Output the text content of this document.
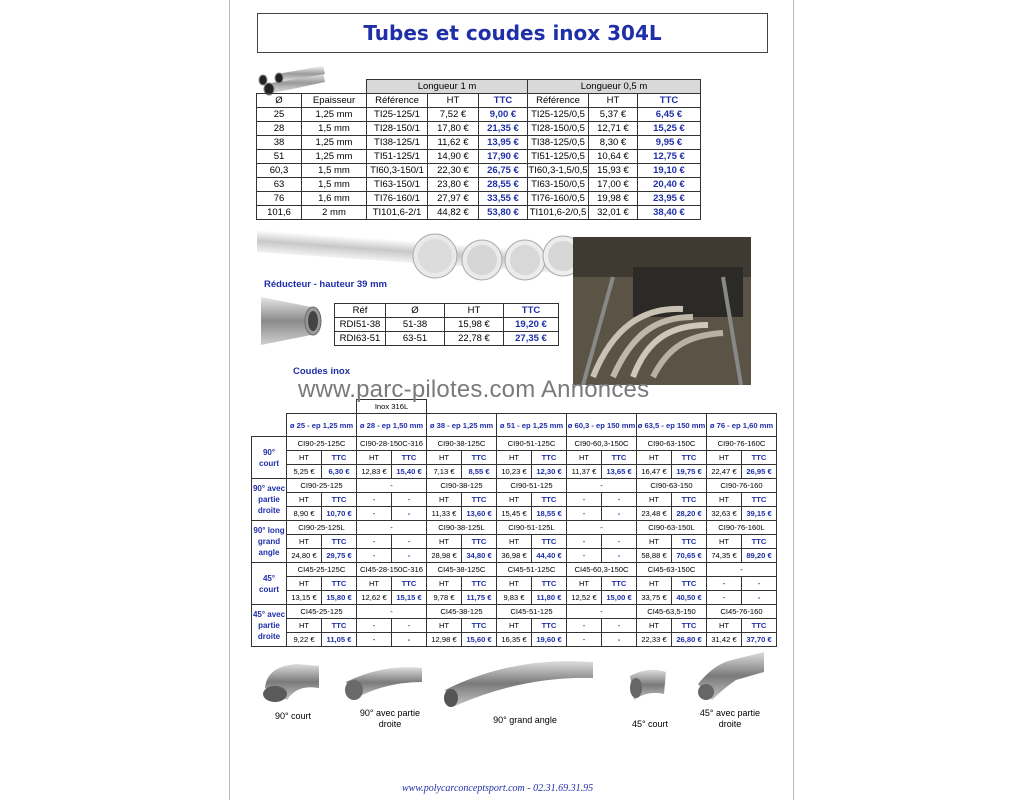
Tubes et coudes inox 304L
		Longueur 1 m			Longueur 0,5 m		
Ø	Epaisseur	Référence	HT	TTC	Référence	HT	TTC
25	1,25 mm	TI25-125/1	7,52 €	9,00 €	TI25-125/0,5	5,37 €	6,45 €
28	1,5 mm	TI28-150/1	17,80 €	21,35 €	TI28-150/0,5	12,71 €	15,25 €
38	1,25 mm	TI38-125/1	11,62 €	13,95 €	TI38-125/0,5	8,30 €	9,95 €
51	1,25 mm	TI51-125/1	14,90 €	17,90 €	TI51-125/0,5	10,64 €	12,75 €
60,3	1,5 mm	TI60,3-150/1	22,30 €	26,75 €	TI60,3-1,5/0,5	15,93 €	19,10 €
63	1,5 mm	TI63-150/1	23,80 €	28,55 €	TI63-150/0,5	17,00 €	20,40 €
76	1,6 mm	TI76-160/1	27,97 €	33,55 €	TI76-160/0,5	19,98 €	23,95 €
101,6	2 mm	TI101,6-2/1	44,82 €	53,80 €	TI101,6-2/0,5	32,01 €	38,40 €
Réducteur - hauteur 39 mm
Réf	Ø	HT	TTC
RDI51-38	51-38	15,98 €	19,20 €
RDI63-51	63-51	22,78 €	27,35 €
Coudes inox
			Inox 316L											
	ø 25 - ep 1,25 mm		ø 28 - ep 1,50 mm		ø 38 - ep 1,25 mm		ø 51 - ep 1,25 mm		ø 60,3 - ep 150 mm		ø 63,5 - ep 150 mm		ø 76 - ep 1,60 mm	
90° court	CI90-25-125C		CI90-28-150C-316		CI90-38-125C		CI90-51-125C		CI90-60,3-150C		CI90-63-150C		CI90-76-160C	
	HT	TTC	HT	TTC	HT	TTC	HT	TTC	HT	TTC	HT	TTC	HT	TTC
	5,25 €	6,30 €	12,83 €	15,40 €	7,13 €	8,55 €	10,23 €	12,30 €	11,37 €	13,65 €	16,47 €	19,75 €	22,47 €	26,95 €
90° avec partie droite	CI90-25-125		-		CI90-38-125		CI90-51-125		-		CI90-63-150		CI90-76-160	
	HT	TTC	-	-	HT	TTC	HT	TTC	-	-	HT	TTC	HT	TTC
	8,90 €	10,70 €	-	-	11,33 €	13,60 €	15,45 €	18,55 €	-	-	23,48 €	28,20 €	32,63 €	39,15 €
90° long grand angle	CI90-25-125L		-		CI90-38-125L		CI90-51-125L		-		CI90-63-150L		CI90-76-160L	
	HT	TTC	-	-	HT	TTC	HT	TTC	-	-	HT	TTC	HT	TTC
	24,80 €	29,75 €	-	-	28,98 €	34,80 €	36,98 €	44,40 €	-	-	58,88 €	70,65 €	74,35 €	89,20 €
45° court	CI45-25-125C		CI45-28-150C-316		CI45-38-125C		CI45-51-125C		CI45-60,3-150C		CI45-63-150C		-	
	HT	TTC	HT	TTC	HT	TTC	HT	TTC	HT	TTC	HT	TTC	-	-
	13,15 €	15,80 €	12,62 €	15,15 €	9,78 €	11,75 €	9,83 €	11,80 €	12,52 €	15,00 €	33,75 €	40,50 €	-	-
45° avec partie droite	CI45-25-125		-		CI45-38-125		CI45-51-125		-		CI45-63,5-150		CI45-76-160	
	HT	TTC	-	-	HT	TTC	HT	TTC	-	-	HT	TTC	HT	TTC
	9,22 €	11,05 €	-	-	12,98 €	15,60 €	16,35 €	19,60 €	-	-	22,33 €	26,80 €	31,42 €	37,70 €
www.parc-pilotes.com Annonces
90° court	90° avec partie droite	90° grand angle	45° court
45° avec partie droite
www.polycarconceptsport.com - 02.31.69.31.95
